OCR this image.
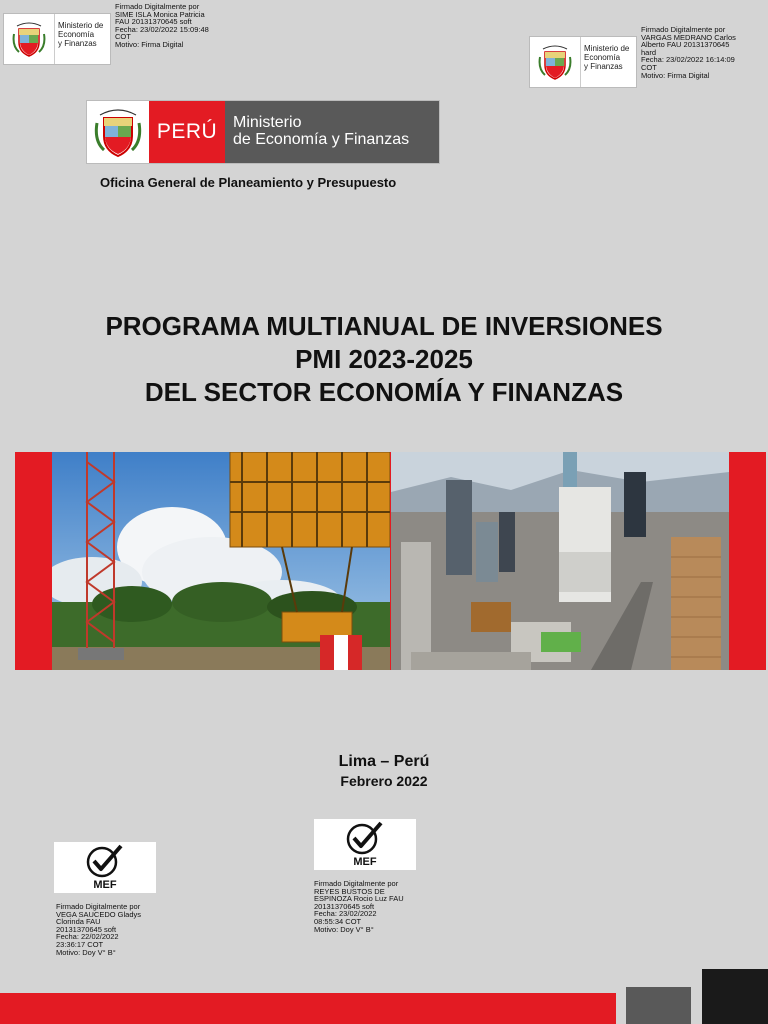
Ministerio de
Economía
y Finanzas
Firmado Digitalmente por
SIME ISLA Monica Patricia
FAU 20131370645 soft
Fecha: 23/02/2022 15:09:48
COT
Motivo: Firma Digital	Ministerio de
Economía
y Finanzas
Firmado Digitalmente por
VARGAS MEDRANO Carlos
Alberto FAU 20131370645
hard
Fecha: 23/02/2022 16:14:09
COT
Motivo: Firma Digital
PERÚ Ministerio
de Economía y Finanzas
Oficina General de Planeamiento y Presupuesto
PROGRAMA MULTIANUAL DE INVERSIONES
PMI 2023-2025
DEL SECTOR ECONOMÍA Y FINANZAS
Lima – Perú
Febrero 2022
MEF
Firmado Digitalmente por
VEGA SAUCEDO Gladys
Clorinda FAU
20131370645 soft
Fecha: 22/02/2022
23:36:17 COT
Motivo: Doy V° B°
MEF
Firmado Digitalmente por
REYES BUSTOS DE
ESPINOZA Rocio Luz FAU
20131370645 soft
Fecha: 23/02/2022
08:55:34 COT
Motivo: Doy V° B°
